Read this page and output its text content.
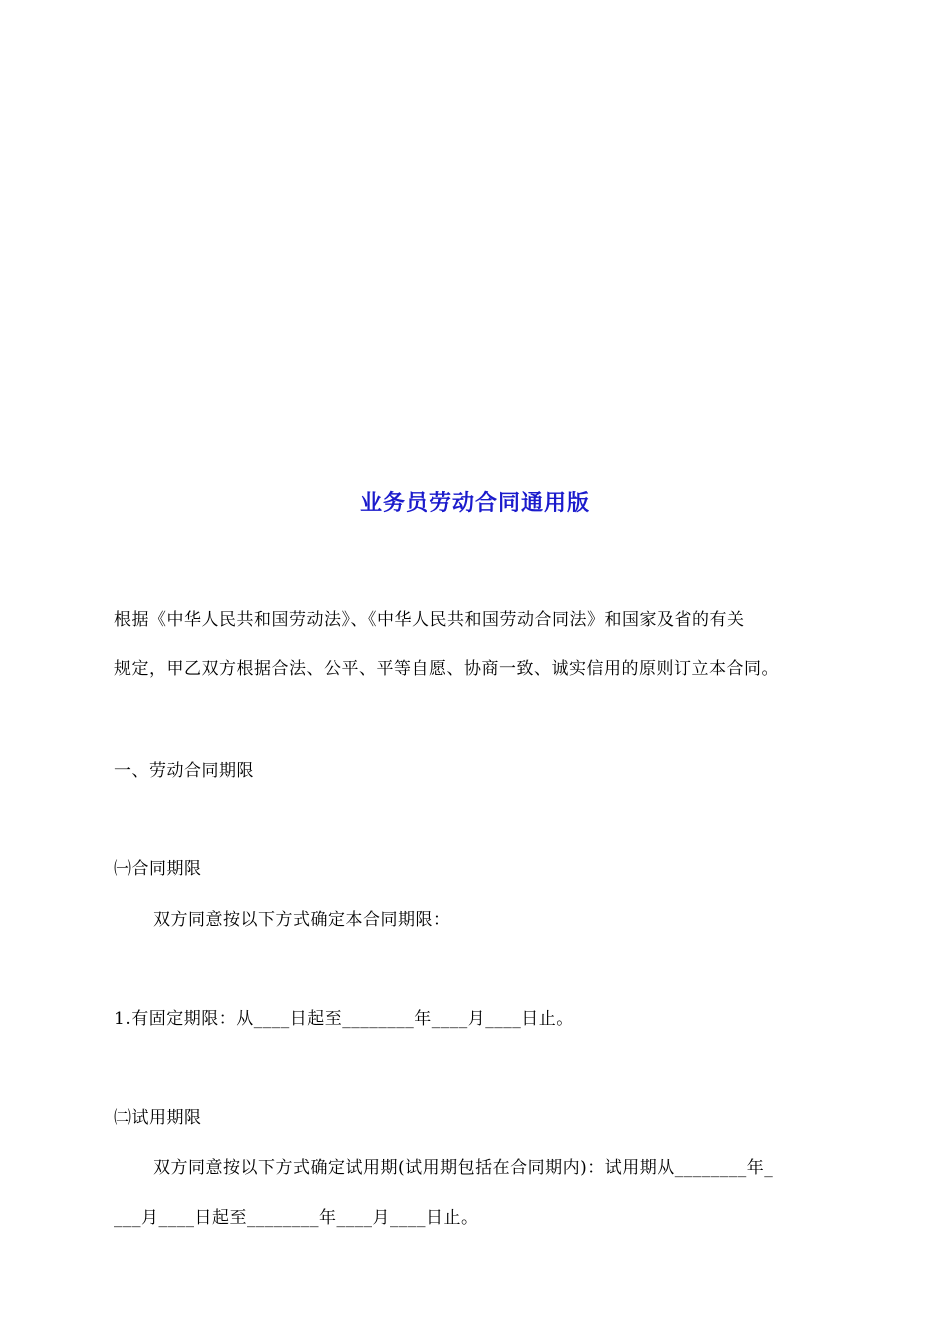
业务员劳动合同通用版
根据《中华人民共和国劳动法》、《中华人民共和国劳动合同法》和国家及省的有关
规定，甲乙双方根据合法、公平、平等自愿、协商一致、诚实信用的原则订立本合同。
一、劳动合同期限
㈠合同期限
双方同意按以下方式确定本合同期限：
1.有固定期限：从____日起至________年____月____日止。
㈡试用期限
双方同意按以下方式确定试用期(试用期包括在合同期内)：试用期从________年_
___月____日起至________年____月____日止。
